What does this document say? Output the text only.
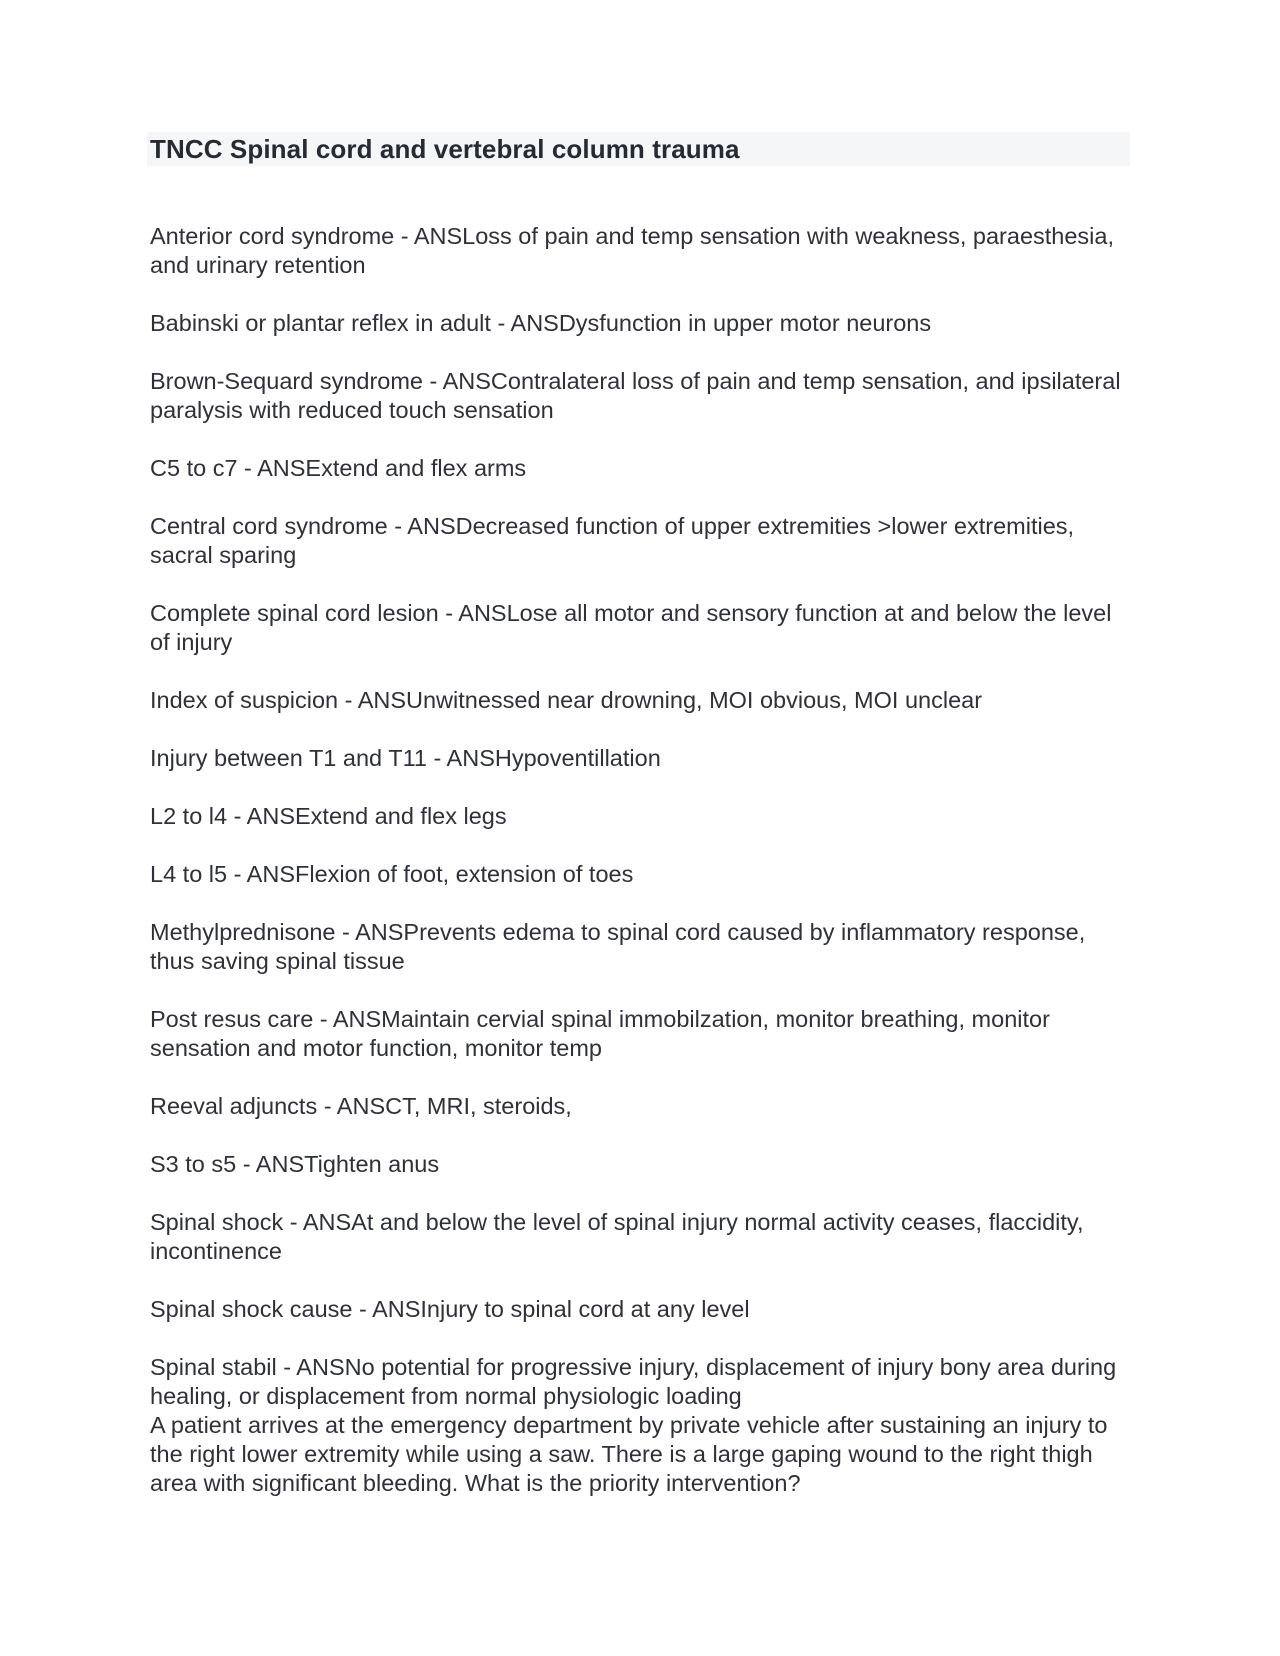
TNCC Spinal cord and vertebral column trauma

Anterior cord syndrome - ANSLoss of pain and temp sensation with weakness, paraesthesia, and urinary retention

Babinski or plantar reflex in adult - ANSDysfunction in upper motor neurons

Brown-Sequard syndrome - ANSContralateral loss of pain and temp sensation, and ipsilateral paralysis with reduced touch sensation

C5 to c7 - ANSExtend and flex arms

Central cord syndrome - ANSDecreased function of upper extremities >lower extremities, sacral sparing

Complete spinal cord lesion - ANSLose all motor and sensory function at and below the level of injury

Index of suspicion - ANSUnwitnessed near drowning, MOI obvious, MOI unclear

Injury between T1 and T11 - ANSHypoventillation

L2 to l4 - ANSExtend and flex legs

L4 to l5 - ANSFlexion of foot, extension of toes

Methylprednisone - ANSPrevents edema to spinal cord caused by inflammatory response, thus saving spinal tissue

Post resus care - ANSMaintain cervial spinal immobilzation, monitor breathing, monitor sensation and motor function, monitor temp

Reeval adjuncts - ANSCT, MRI, steroids,

S3 to s5 - ANSTighten anus

Spinal shock - ANSAt and below the level of spinal injury normal activity ceases, flaccidity, incontinence

Spinal shock cause - ANSInjury to spinal cord at any level

Spinal stabil - ANSNo potential for progressive injury, displacement of injury bony area during healing, or displacement from normal physiologic loading

A patient arrives at the emergency department by private vehicle after sustaining an injury to the right lower extremity while using a saw. There is a large gaping wound to the right thigh area with significant bleeding. What is the priority intervention?
